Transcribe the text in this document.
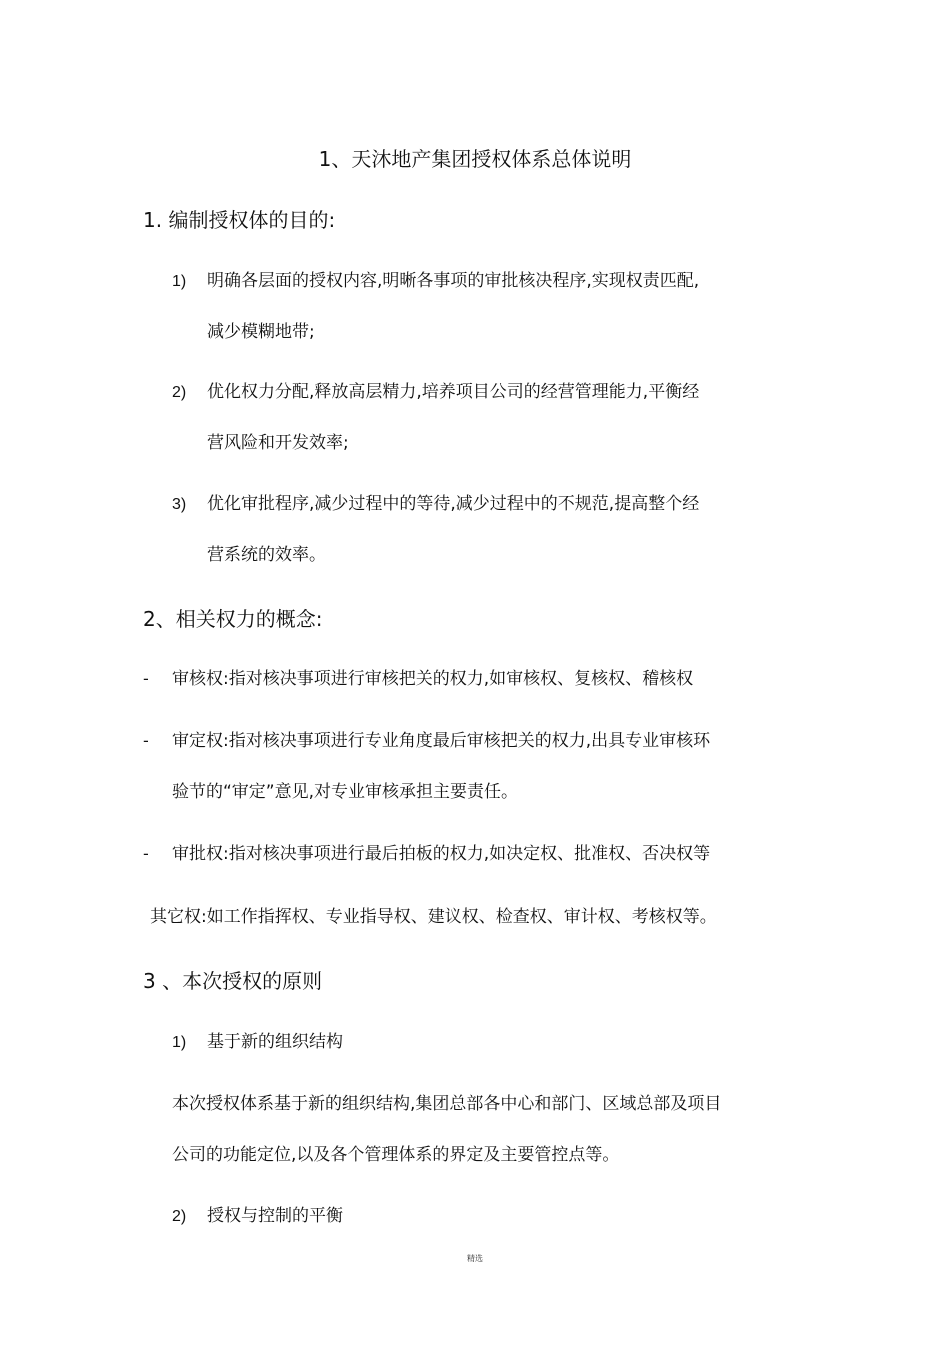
1、天沐地产集团授权体系总体说明
1. 编制授权体的目的:
1) 明确各层面的授权内容,明晰各事项的审批核决程序,实现权责匹配,
减少模糊地带;
2) 优化权力分配,释放高层精力,培养项目公司的经营管理能力,平衡经
营风险和开发效率;
3) 优化审批程序,减少过程中的等待,减少过程中的不规范,提高整个经
营系统的效率。
2、相关权力的概念:
- 审核权:指对核决事项进行审核把关的权力,如审核权、复核权、稽核权
- 审定权:指对核决事项进行专业角度最后审核把关的权力,出具专业审核环
验节的“审定”意见,对专业审核承担主要责任。
- 审批权:指对核决事项进行最后拍板的权力,如决定权、批准权、否决权等
其它权:如工作指挥权、专业指导权、建议权、检查权、审计权、考核权等。
3 、本次授权的原则
1) 基于新的组织结构
本次授权体系基于新的组织结构,集团总部各中心和部门、区域总部及项目
公司的功能定位,以及各个管理体系的界定及主要管控点等。
2) 授权与控制的平衡
精选
